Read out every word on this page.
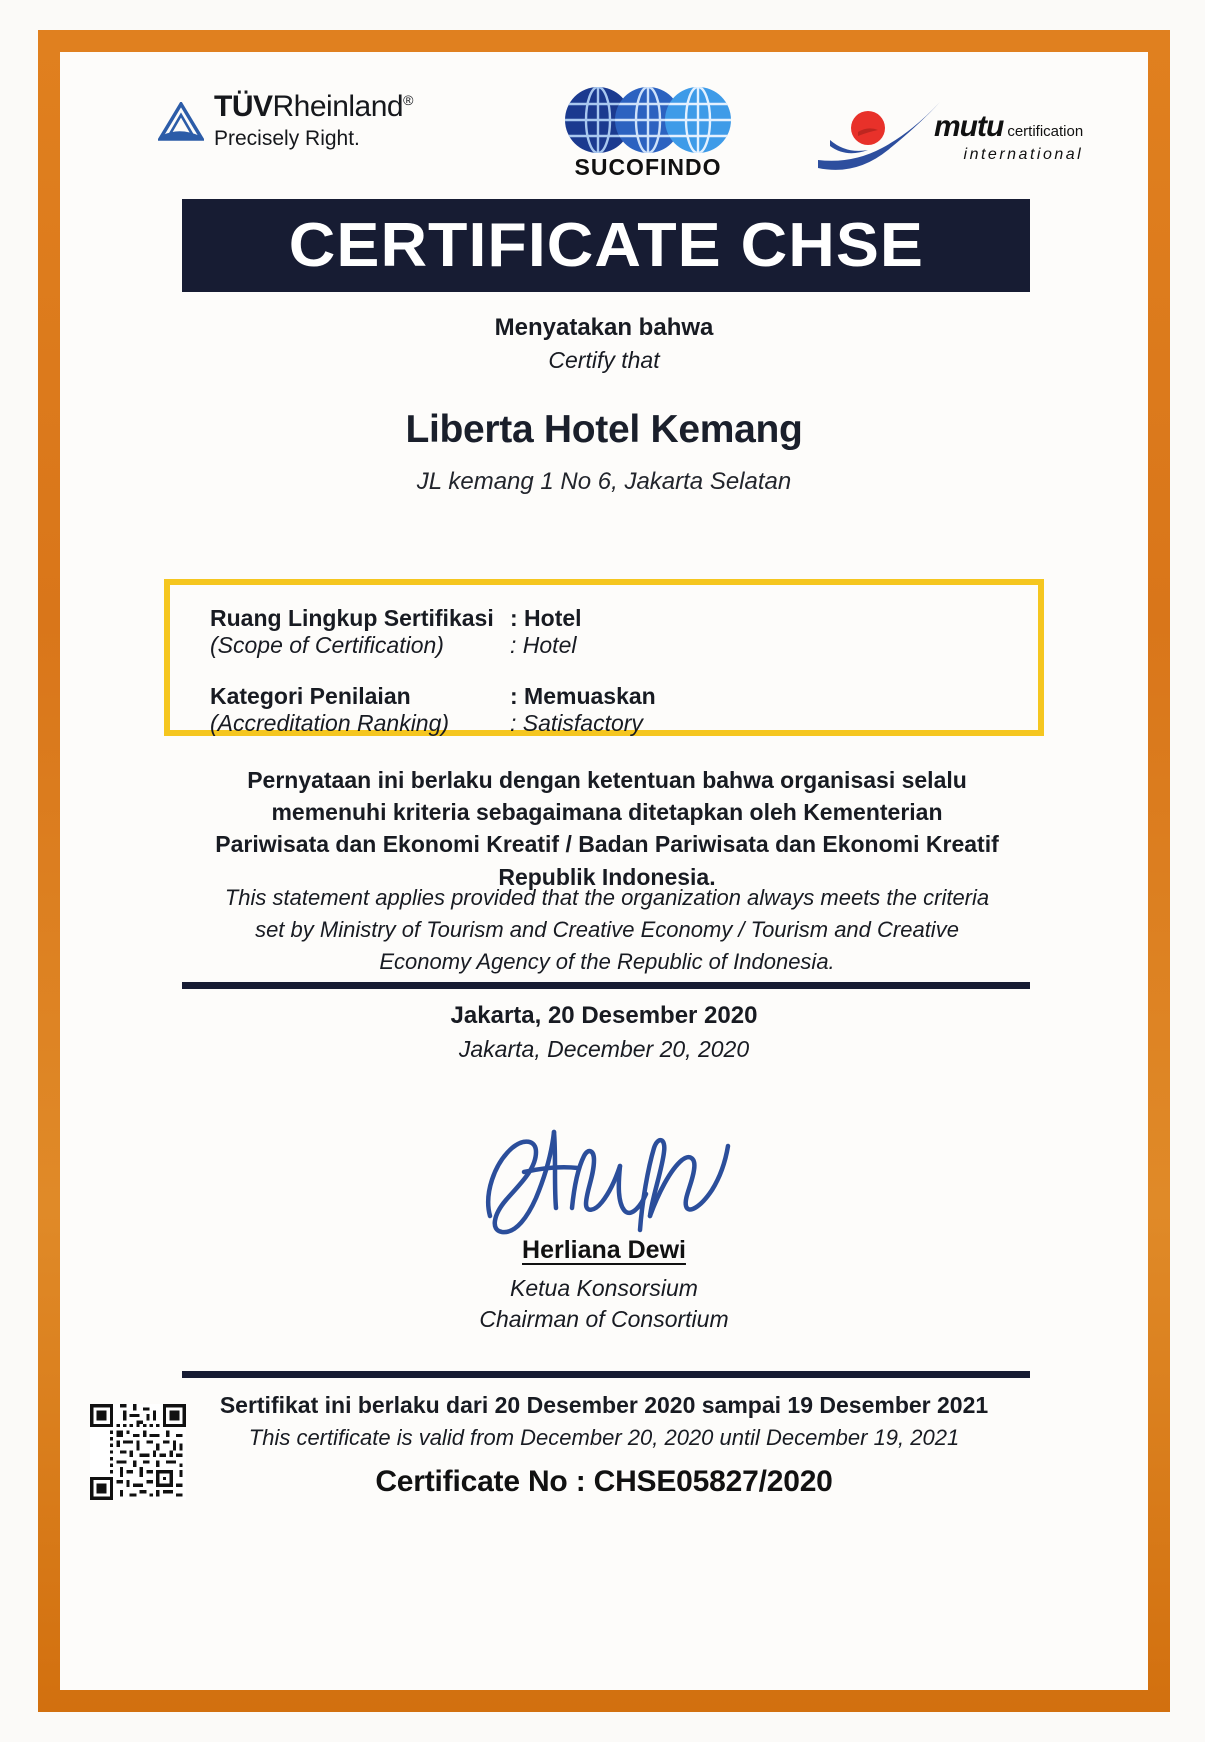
TÜVRheinland®
Precisely Right.
SUCOFINDO
mutu certification
international
CERTIFICATE CHSE
Menyatakan bahwa
Certify that
Liberta Hotel Kemang
JL kemang 1 No 6, Jakarta Selatan
Ruang Lingkup Sertifikasi : Hotel
(Scope of Certification)	: Hotel
Kategori Penilaian	: Memuaskan
(Accreditation Ranking)	: Satisfactory
Pernyataan ini berlaku dengan ketentuan bahwa organisasi selalu memenuhi kriteria sebagaimana ditetapkan oleh Kementerian Pariwisata dan Ekonomi Kreatif / Badan Pariwisata dan Ekonomi Kreatif Republik Indonesia.
This statement applies provided that the organization always meets the criteria set by Ministry of Tourism and Creative Economy / Tourism and Creative Economy Agency of the Republic of Indonesia.
Jakarta, 20 Desember 2020
Jakarta, December 20, 2020
Herliana Dewi
Ketua Konsorsium
Chairman of Consortium
Sertifikat ini berlaku dari 20 Desember 2020 sampai 19 Desember 2021
This certificate is valid from December 20, 2020 until December 19, 2021
Certificate No : CHSE05827/2020
